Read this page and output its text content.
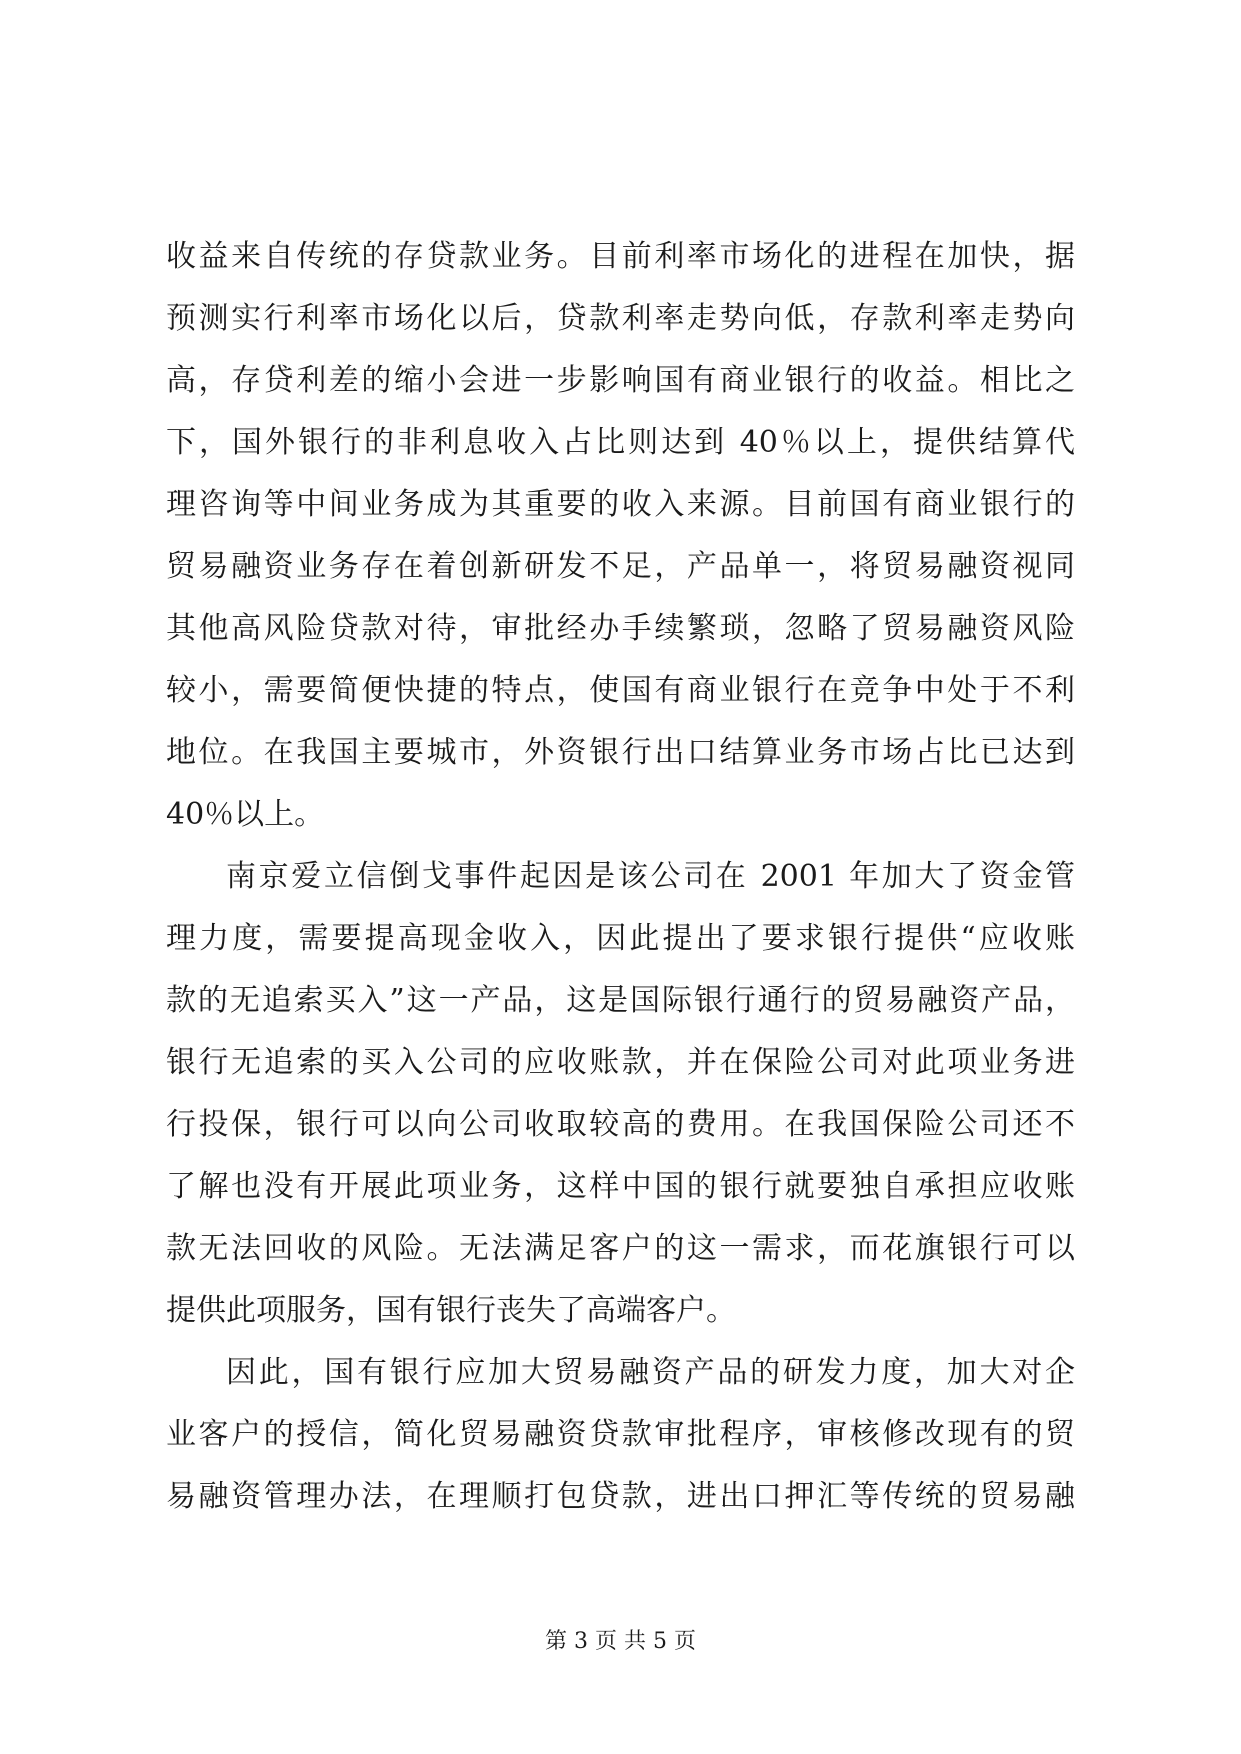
收益来自传统的存贷款业务。目前利率市场化的进程在加快，据
预测实行利率市场化以后，贷款利率走势向低，存款利率走势向
高，存贷利差的缩小会进一步影响国有商业银行的收益。相比之
下，国外银行的非利息收入占比则达到 40％以上，提供结算代
理咨询等中间业务成为其重要的收入来源。目前国有商业银行的
贸易融资业务存在着创新研发不足，产品单一，将贸易融资视同
其他高风险贷款对待，审批经办手续繁琐，忽略了贸易融资风险
较小，需要简便快捷的特点，使国有商业银行在竞争中处于不利
地位。在我国主要城市，外资银行出口结算业务市场占比已达到
40％以上。
南京爱立信倒戈事件起因是该公司在 2001 年加大了资金管
理力度，需要提高现金收入，因此提出了要求银行提供“应收账
款的无追索买入”这一产品，这是国际银行通行的贸易融资产品，
银行无追索的买入公司的应收账款，并在保险公司对此项业务进
行投保，银行可以向公司收取较高的费用。在我国保险公司还不
了解也没有开展此项业务，这样中国的银行就要独自承担应收账
款无法回收的风险。无法满足客户的这一需求，而花旗银行可以
提供此项服务，国有银行丧失了高端客户。
因此，国有银行应加大贸易融资产品的研发力度，加大对企
业客户的授信，简化贸易融资贷款审批程序，审核修改现有的贸
易融资管理办法，在理顺打包贷款，进出口押汇等传统的贸易融
第 3 页 共 5 页
